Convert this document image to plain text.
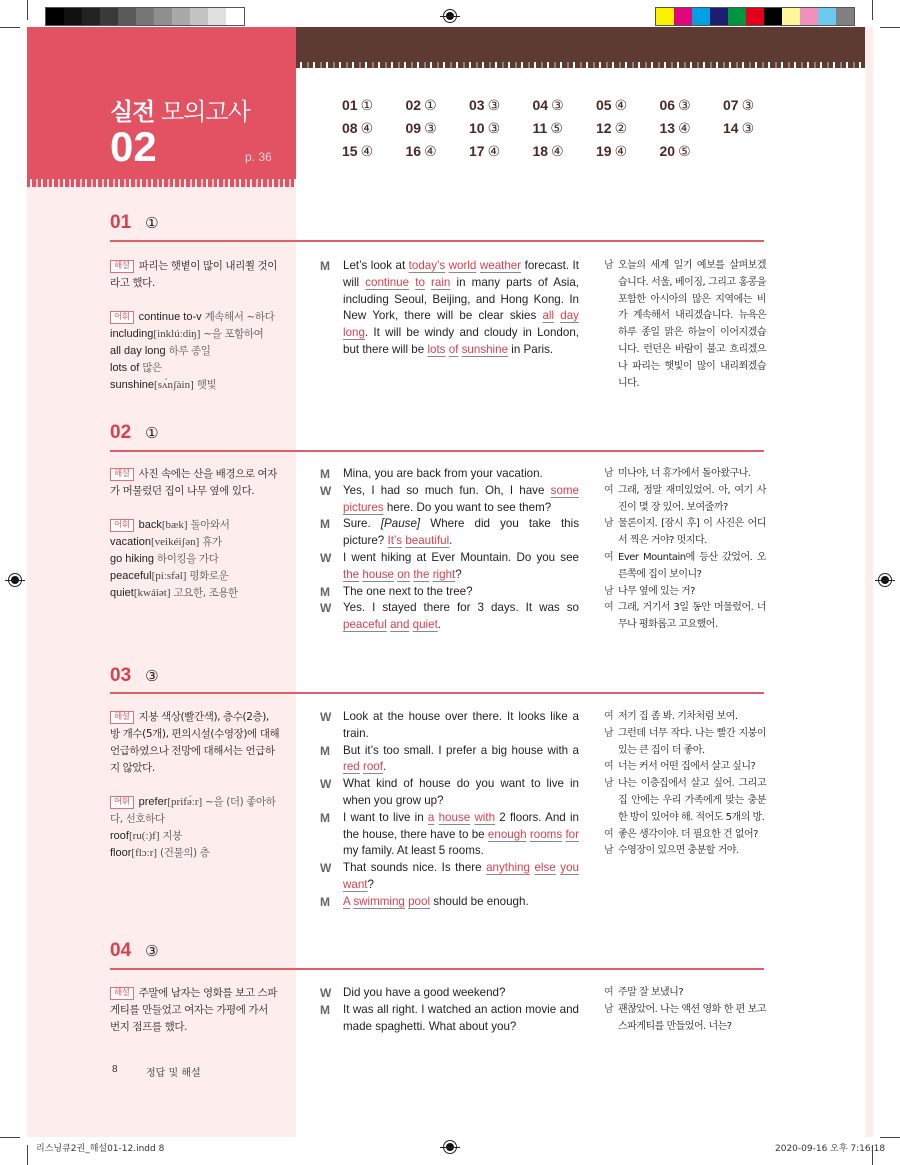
리스닝큐2권_해설01-12.indd 8	2020-09-16 오후 7:16:18
실전 모의고사
02	p. 36
01 ①	02 ①	03 ③	04 ③	05 ④	06 ③	07 ③
08 ④	09 ③	10 ③	11 ⑤	12 ②	13 ④	14 ③
15 ④	16 ④	17 ④	18 ④	19 ④	20 ⑤
01 ①
해설 파리는 햇볕이 많이 내리쬘 것이라고 했다.
어휘 continue to-v 계속해서 ~하다
including[inklúːdiŋ] ~을 포함하여
all day long 하루 종일
lots of 많은
sunshine[sʌ́nʃàin] 햇빛
M	Let’s look at today’s world weather forecast. It will continue to rain in many parts of Asia, including Seoul, Beijing, and Hong Kong. In New York, there will be clear skies all day long. It will be windy and cloudy in London, but there will be lots of sunshine in Paris.
남 오늘의 세계 일기 예보를 살펴보겠습니다. 서울, 베이징, 그리고 홍콩을 포함한 아시아의 많은 지역에는 비가 계속해서 내리겠습니다. 뉴욕은 하루 종일 맑은 하늘이 이어지겠습니다. 런던은 바람이 불고 흐리겠으나 파리는 햇빛이 많이 내리쬐겠습니다.
02 ①
해설 사진 속에는 산을 배경으로 여자가 머물렀던 집이 나무 옆에 있다.
어휘 back[bæk] 돌아와서
vacation[veikéiʃən] 휴가
go hiking 하이킹을 가다
peaceful[píːsfəl] 평화로운
quiet[kwáiət] 고요한, 조용한
M	Mina, you are back from your vacation.
W	Yes, I had so much fun. Oh, I have some pictures here. Do you want to see them?
M	Sure. [Pause] Where did you take this picture? It’s beautiful.
W	I went hiking at Ever Mountain. Do you see the house on the right?
M	The one next to the tree?
W	Yes. I stayed there for 3 days. It was so peaceful and quiet.
남 미나야, 너 휴가에서 돌아왔구나.
여 그래, 정말 재미있었어. 아, 여기 사진이 몇 장 있어. 보여줄까?
남 물론이지. [잠시 후] 이 사진은 어디서 찍은 거야? 멋지다.
여 Ever Mountain에 등산 갔었어. 오른쪽에 집이 보이니?
남 나무 옆에 있는 거?
여 그래, 거기서 3일 동안 머물렀어. 너무나 평화롭고 고요했어.
03 ③
해설 지붕 색상(빨간색), 층수(2층), 방 개수(5개), 편의시설(수영장)에 대해 언급하였으나 전망에 대해서는 언급하지 않았다.
어휘 prefer[prifə́ːr] ~을 (더) 좋아하다, 선호하다
roof[ru(ː)f] 지붕
floor[flɔːr] (건물의) 층
W	Look at the house over there. It looks like a train.
M	But it’s too small. I prefer a big house with a red roof.
W	What kind of house do you want to live in when you grow up?
M	I want to live in a house with 2 floors. And in the house, there have to be enough rooms for my family. At least 5 rooms.
W	That sounds nice. Is there anything else you want?
M	A swimming pool should be enough.
여 저기 집 좀 봐. 기차처럼 보여.
남 그런데 너무 작다. 나는 빨간 지붕이 있는 큰 집이 더 좋아.
여 너는 커서 어떤 집에서 살고 싶니?
남 나는 이층집에서 살고 싶어. 그리고 집 안에는 우리 가족에게 맞는 충분한 방이 있어야 해. 적어도 5개의 방.
여 좋은 생각이야. 더 필요한 건 없어?
남 수영장이 있으면 충분할 거야.
04 ③
해설 주말에 남자는 영화를 보고 스파게티를 만들었고 여자는 가평에 가서 번지 점프를 했다.
W	Did you have a good weekend?
M	It was all right. I watched an action movie and made spaghetti. What about you?
여 주말 잘 보냈니?
남 괜찮았어. 나는 액션 영화 한 편 보고 스파게티를 만들었어. 너는?
8	정답 및 해설
